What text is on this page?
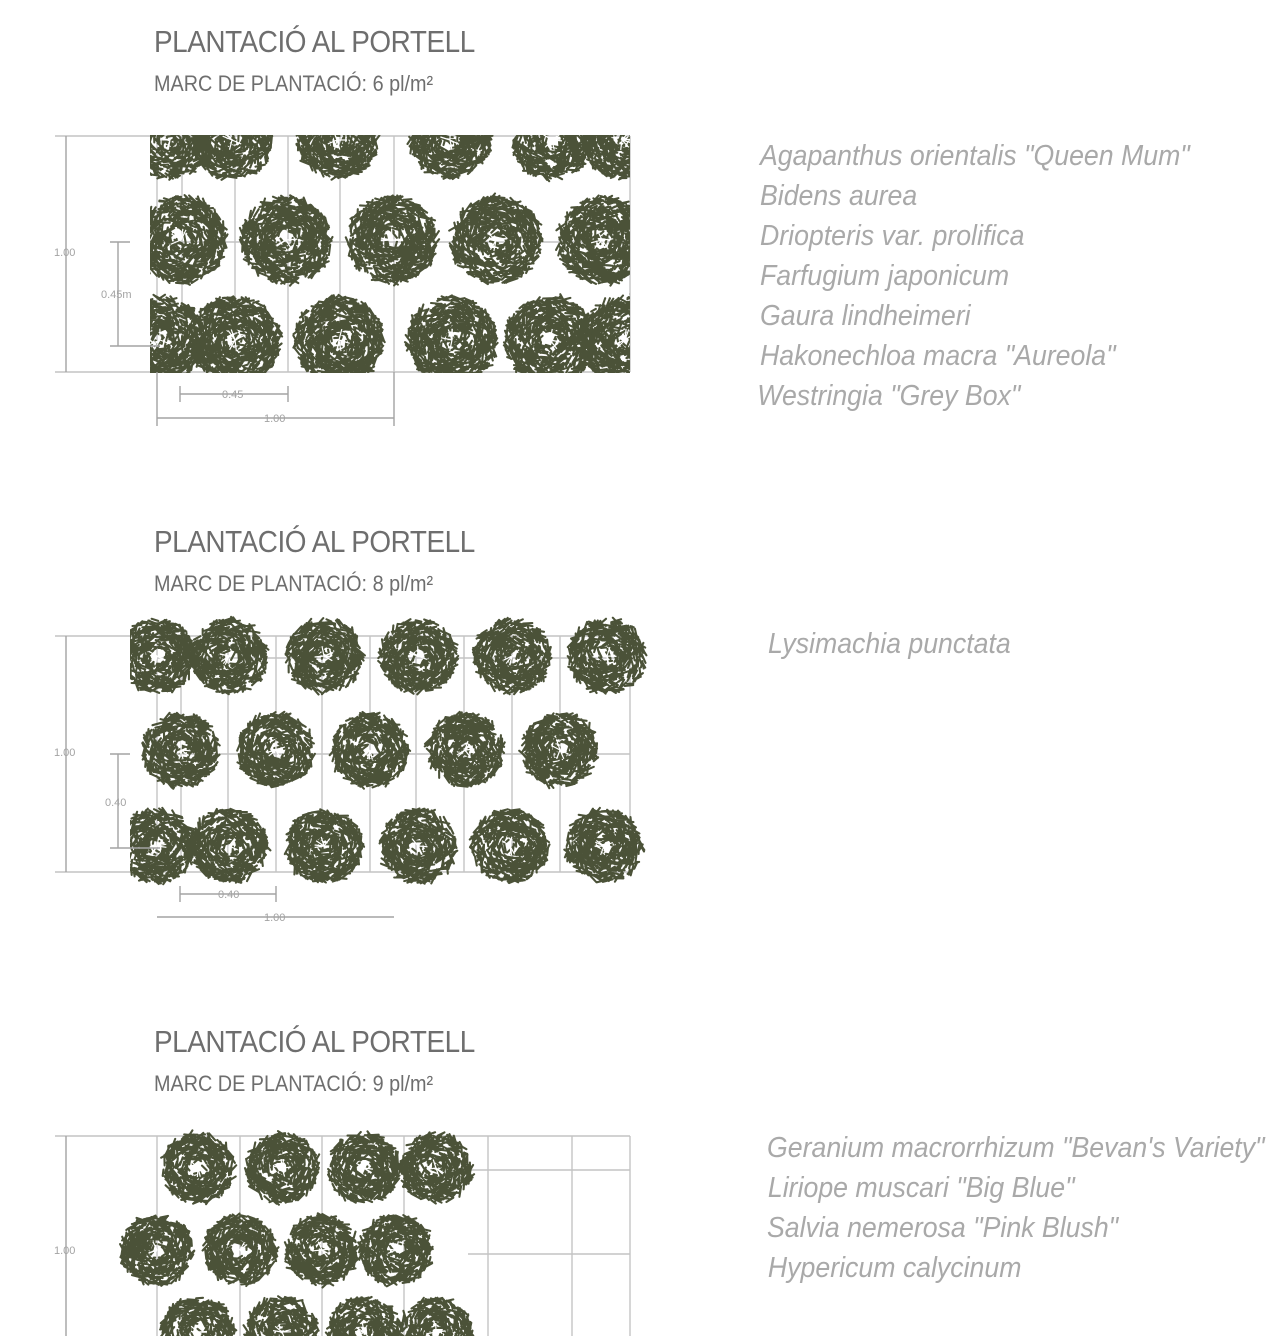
PLANTACIÓ AL PORTELL
MARC DE PLANTACIÓ: 6 pl/m²
1.00
0.45m
0.45
1.00
Agapanthus orientalis "Queen Mum"
Bidens aurea
Driopteris var. prolifica
Farfugium japonicum
Gaura lindheimeri
Hakonechloa macra "Aureola"
Westringia "Grey Box"
PLANTACIÓ AL PORTELL
MARC DE PLANTACIÓ: 8 pl/m²
1.00
0.40
0.40
1.00
Lysimachia punctata
PLANTACIÓ AL PORTELL
MARC DE PLANTACIÓ: 9 pl/m²
1.00
Geranium macrorrhizum "Bevan's Variety"
Liriope muscari "Big Blue"
Salvia nemerosa "Pink Blush"
Hypericum calycinum
